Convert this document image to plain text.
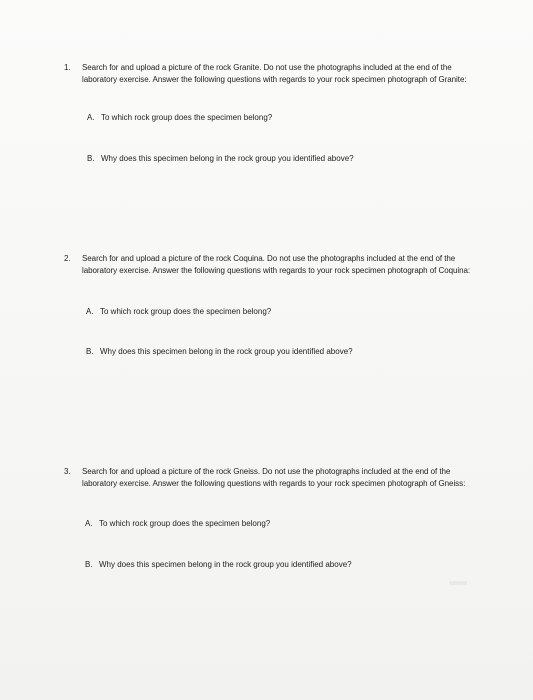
1. Search for and upload a picture of the rock Granite. Do not use the photographs included at the end of the laboratory exercise. Answer the following questions with regards to your rock specimen photograph of Granite:
A. To which rock group does the specimen belong?
B. Why does this specimen belong in the rock group you identified above?
2. Search for and upload a picture of the rock Coquina. Do not use the photographs included at the end of the laboratory exercise. Answer the following questions with regards to your rock specimen photograph of Coquina:
A. To which rock group does the specimen belong?
B. Why does this specimen belong in the rock group you identified above?
3. Search for and upload a picture of the rock Gneiss. Do not use the photographs included at the end of the laboratory exercise. Answer the following questions with regards to your rock specimen photograph of Gneiss:
A. To which rock group does the specimen belong?
B. Why does this specimen belong in the rock group you identified above?
